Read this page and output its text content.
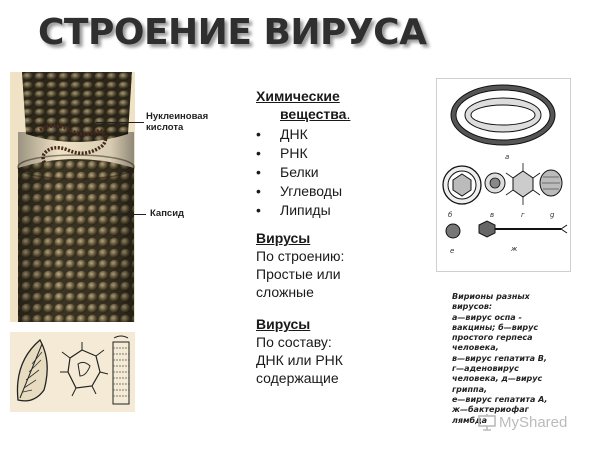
СТРОЕНИЕ ВИРУСА
Нуклеиновая
кислота
Капсид
Химические
вещества.
• ДНК
• РНК
• Белки
• Углеводы
• Липиды
Вирусы
По строению:
Простые или
сложные
Вирусы
По составу:
ДНК или РНК
содержащие
а
б	в	г	g
е	ж
Вирионы разных
вирусов:
а—вирус оспа -
вакцины; б—вирус
простого герпеса
человека,
в—вирус гепатита В,
г—аденовирус
человека, д—вирус
гриппа,
е—вирус гепатита А,
ж—бактериофаг
лямбда MyShared
